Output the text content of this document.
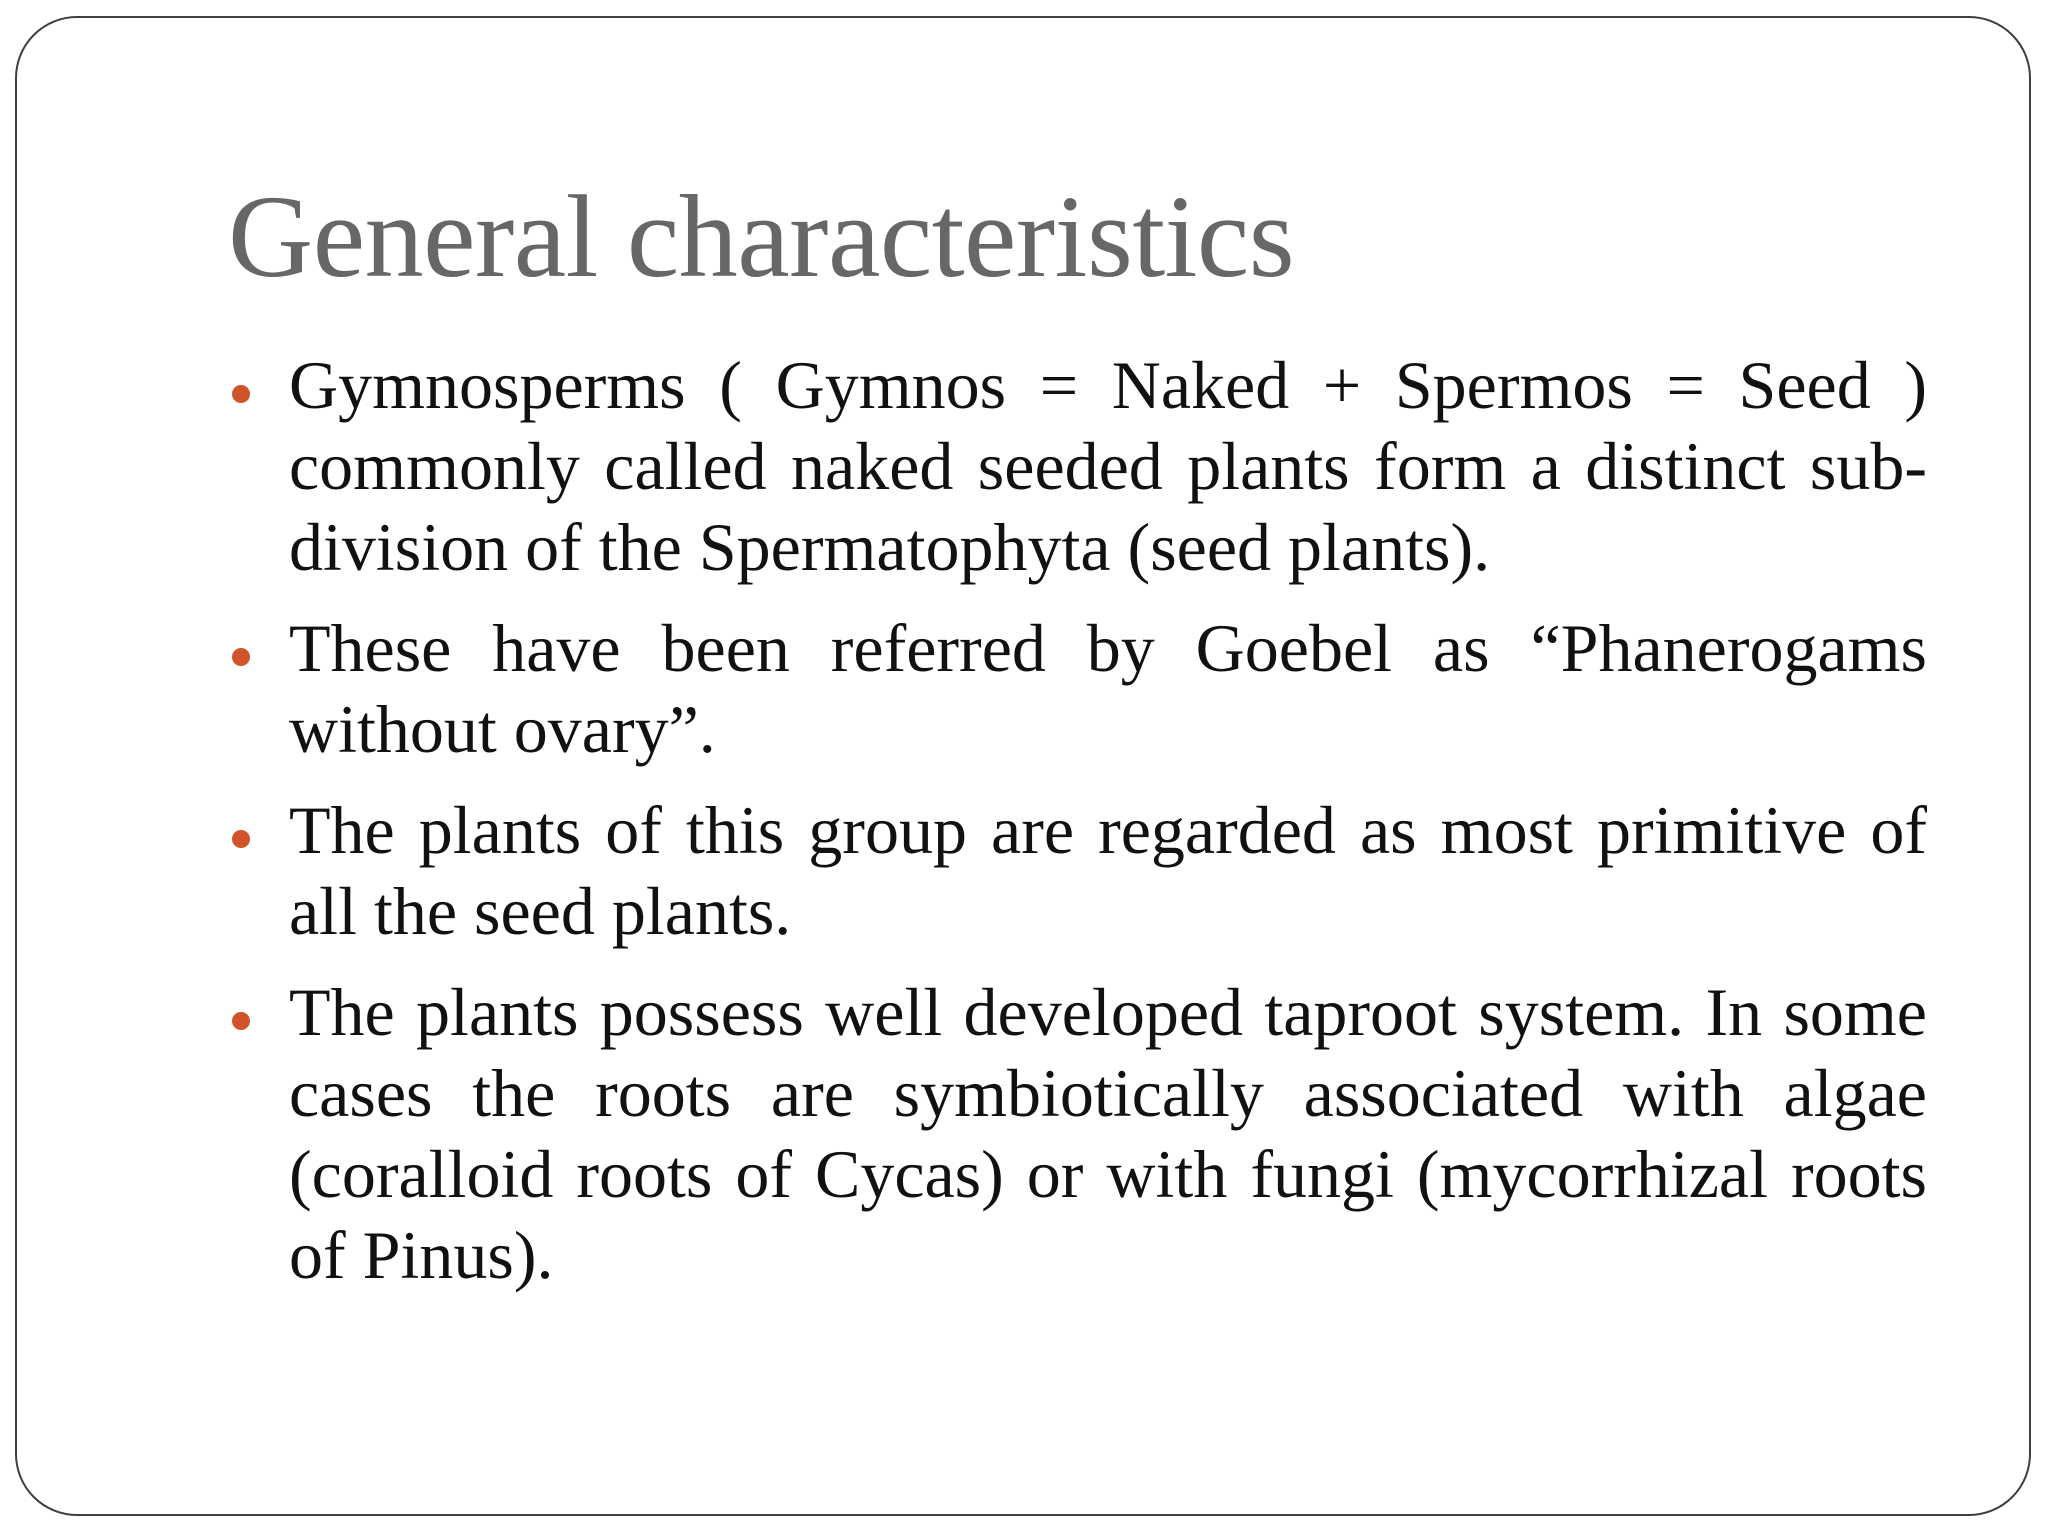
General characteristics
Gymnosperms ( Gymnos = Naked + Spermos = Seed ) commonly called naked seeded plants form a distinct sub-division of the Spermatophyta (seed plants).
These have been referred by Goebel as “Phanerogams without ovary”.
The plants of this group are regarded as most primitive of all the seed plants.
The plants possess well developed taproot system. In some cases the roots are symbiotically associated with algae (coralloid roots of Cycas) or with fungi (mycorrhizal roots of Pinus).
